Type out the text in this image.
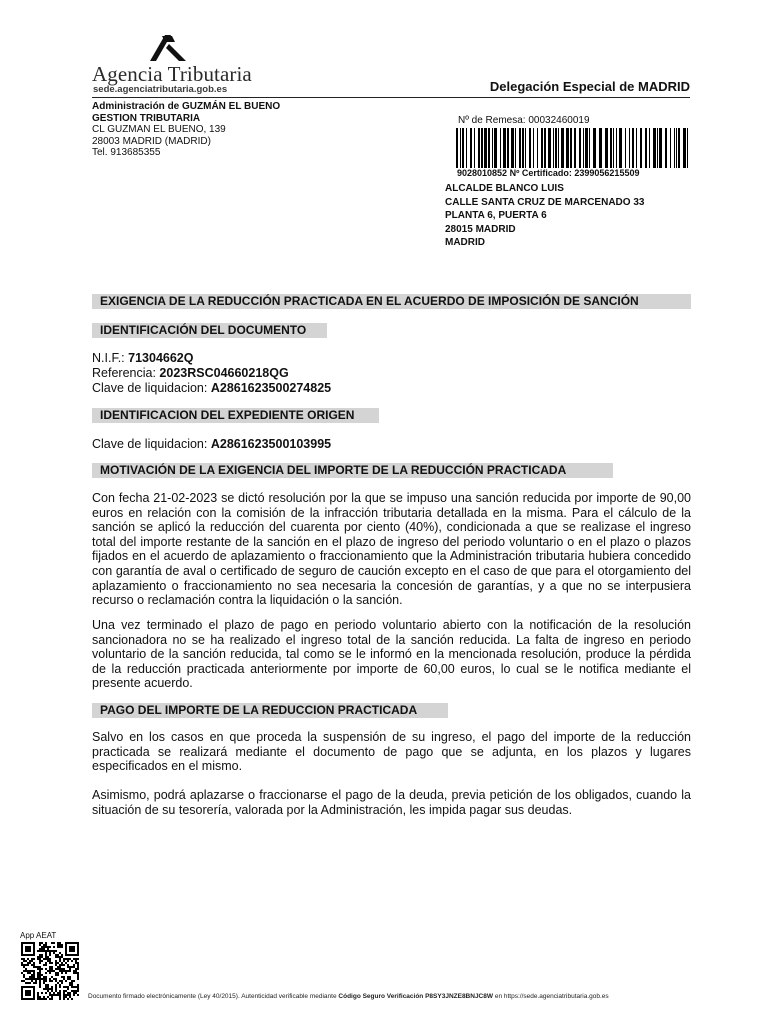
Agencia Tributaria
sede.agenciatributaria.gob.es	Delegación Especial de MADRID
Administración de GUZMÁN EL BUENO
GESTION TRIBUTARIA
CL GUZMAN EL BUENO, 139
28003 MADRID (MADRID)
Tel. 913685355
Nº de Remesa: 00032460019
9028010852 Nº Certificado: 2399056215509
ALCALDE BLANCO LUIS
CALLE SANTA CRUZ DE MARCENADO 33
PLANTA 6, PUERTA 6
28015 MADRID
MADRID
EXIGENCIA DE LA REDUCCIÓN PRACTICADA EN EL ACUERDO DE IMPOSICIÓN DE SANCIÓN
IDENTIFICACIÓN DEL DOCUMENTO
N.I.F.: 71304662Q
Referencia: 2023RSC04660218QG
Clave de liquidacion: A2861623500274825
IDENTIFICACION DEL EXPEDIENTE ORIGEN
Clave de liquidacion: A2861623500103995
MOTIVACIÓN DE LA EXIGENCIA DEL IMPORTE DE LA REDUCCIÓN PRACTICADA

Con fecha 21-02-2023 se dictó resolución por la que se impuso una sanción reducida por importe de 90,00 euros en relación con la comisión de la infracción tributaria detallada en la misma. Para el cálculo de la sanción se aplicó la reducción del cuarenta por ciento (40%), condicionada a que se realizase el ingreso total del importe restante de la sanción en el plazo de ingreso del periodo voluntario o en el plazo o plazos fijados en el acuerdo de aplazamiento o fraccionamiento que la Administración tributaria hubiera concedido con garantía de aval o certificado de seguro de caución excepto en el caso de que para el otorgamiento del aplazamiento o fraccionamiento no sea necesaria la concesión de garantías, y a que no se interpusiera recurso o reclamación contra la liquidación o la sanción.

Una vez terminado el plazo de pago en periodo voluntario abierto con la notificación de la resolución sancionadora no se ha realizado el ingreso total de la sanción reducida. La falta de ingreso en periodo voluntario de la sanción reducida, tal como se le informó en la mencionada resolución, produce la pérdida de la reducción practicada anteriormente por importe de 60,00 euros, lo cual se le notifica mediante el presente acuerdo.

PAGO DEL IMPORTE DE LA REDUCCION PRACTICADA

Salvo en los casos en que proceda la suspensión de su ingreso, el pago del importe de la reducción practicada se realizará mediante el documento de pago que se adjunta, en los plazos y lugares especificados en el mismo.

Asimismo, podrá aplazarse o fraccionarse el pago de la deuda, previa petición de los obligados, cuando la situación de su tesorería, valorada por la Administración, les impida pagar sus deudas.

App AEAT
Documento firmado electrónicamente (Ley 40/2015). Autenticidad verificable mediante Código Seguro Verificación P8SY3JNZE8BNJC8W en https://sede.agenciatributaria.gob.es
